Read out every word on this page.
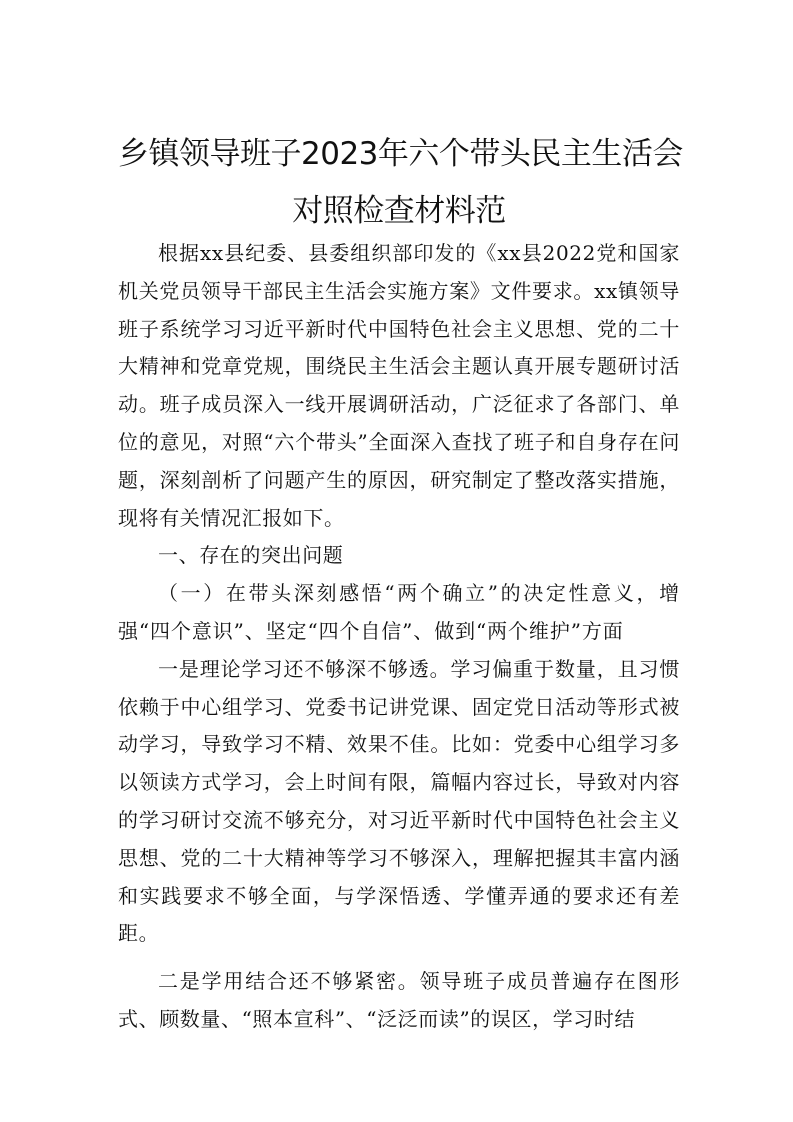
乡镇领导班子2023年六个带头民主生活会
对照检查材料范

根据xx县纪委、县委组织部印发的《xx县2022党和国家机关党员领导干部民主生活会实施方案》文件要求。xx镇领导班子系统学习习近平新时代中国特色社会主义思想、党的二十大精神和党章党规，围绕民主生活会主题认真开展专题研讨活动。班子成员深入一线开展调研活动，广泛征求了各部门、单位的意见，对照“六个带头”全面深入查找了班子和自身存在问题，深刻剖析了问题产生的原因，研究制定了整改落实措施，现将有关情况汇报如下。

一、存在的突出问题

（一）在带头深刻感悟“两个确立”的决定性意义，增强“四个意识”、坚定“四个自信”、做到“两个维护”方面

一是理论学习还不够深不够透。学习偏重于数量，且习惯依赖于中心组学习、党委书记讲党课、固定党日活动等形式被动学习，导致学习不精、效果不佳。比如：党委中心组学习多以领读方式学习，会上时间有限，篇幅内容过长，导致对内容的学习研讨交流不够充分，对习近平新时代中国特色社会主义思想、党的二十大精神等学习不够深入，理解把握其丰富内涵和实践要求不够全面，与学深悟透、学懂弄通的要求还有差距。

二是学用结合还不够紧密。领导班子成员普遍存在图形式、顾数量、“照本宣科”、“泛泛而读”的误区，学习时结
